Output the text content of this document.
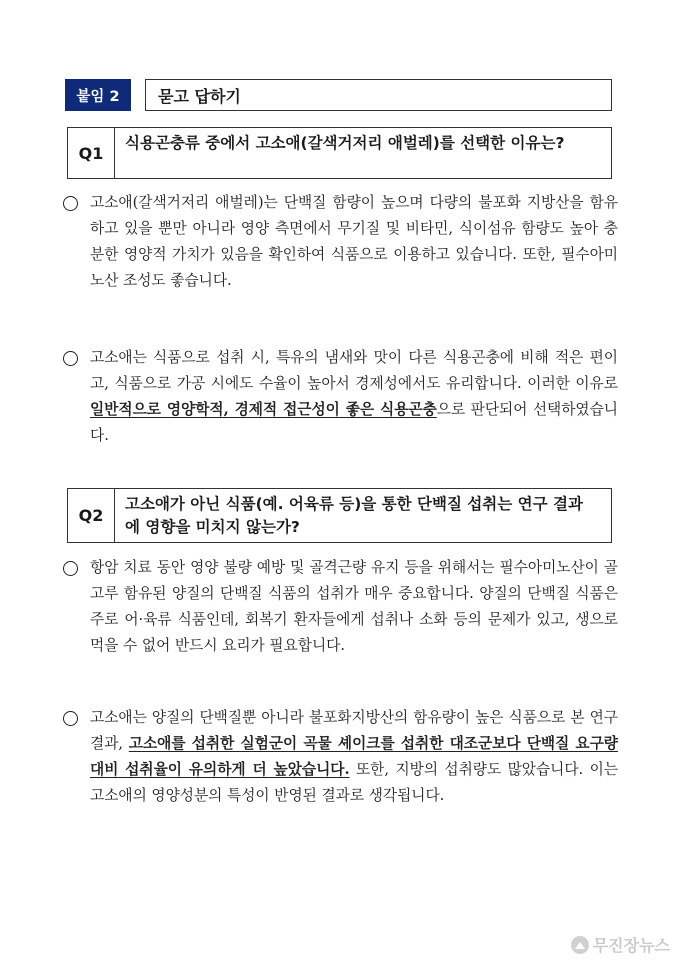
붙임 2	묻고 답하기
Q1
식용곤충류 중에서 고소애(갈색거저리 애벌레)를 선택한 이유는?
고소애(갈색거저리 애벌레)는 단백질 함량이 높으며 다량의 불포화 지방산을 함유하고 있을 뿐만 아니라 영양 측면에서 무기질 및 비타민, 식이섬유 함량도 높아 충분한 영양적 가치가 있음을 확인하여 식품으로 이용하고 있습니다. 또한, 필수아미노산 조성도 좋습니다.
고소애는 식품으로 섭취 시, 특유의 냄새와 맛이 다른 식용곤충에 비해 적은 편이고, 식품으로 가공 시에도 수율이 높아서 경제성에서도 유리합니다. 이러한 이유로 일반적으로 영양학적, 경제적 접근성이 좋은 식용곤충으로 판단되어 선택하였습니다.
Q2
고소애가 아닌 식품(예. 어육류 등)을 통한 단백질 섭취는 연구 결과에 영향을 미치지 않는가?
항암 치료 동안 영양 불량 예방 및 골격근량 유지 등을 위해서는 필수아미노산이 골고루 함유된 양질의 단백질 식품의 섭취가 매우 중요합니다. 양질의 단백질 식품은 주로 어·육류 식품인데, 회복기 환자들에게 섭취나 소화 등의 문제가 있고, 생으로 먹을 수 없어 반드시 요리가 필요합니다.
고소애는 양질의 단백질뿐 아니라 불포화지방산의 함유량이 높은 식품으로 본 연구 결과, 고소애를 섭취한 실험군이 곡물 셰이크를 섭취한 대조군보다 단백질 요구량 대비 섭취율이 유의하게 더 높았습니다. 또한, 지방의 섭취량도 많았습니다. 이는 고소애의 영양성분의 특성이 반영된 결과로 생각됩니다.
무진장뉴스
